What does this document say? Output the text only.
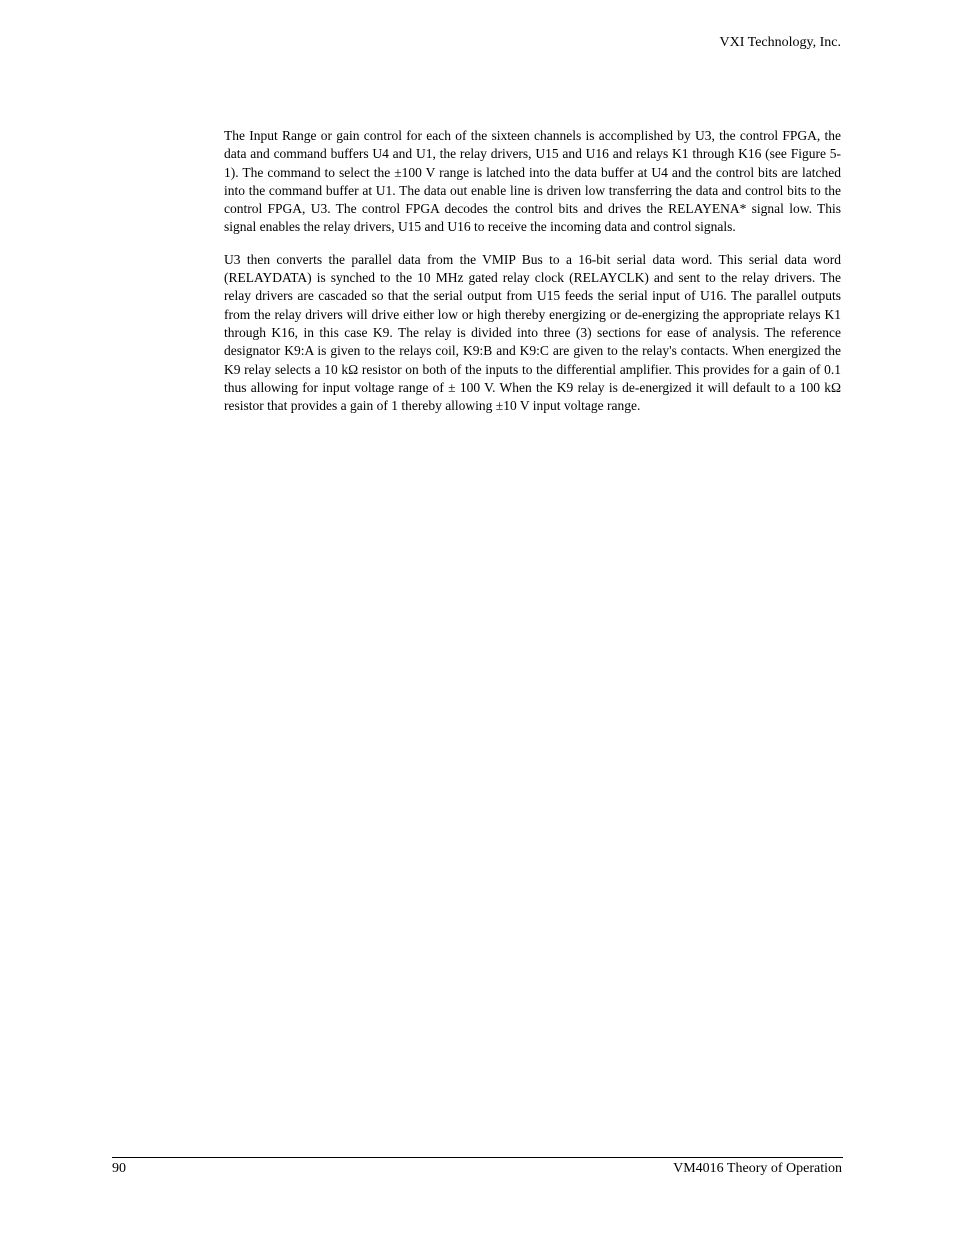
VXI Technology, Inc.

The Input Range or gain control for each of the sixteen channels is accomplished by U3, the control FPGA, the data and command buffers U4 and U1, the relay drivers, U15 and U16 and relays K1 through K16 (see Figure 5-1). The command to select the ±100 V range is latched into the data buffer at U4 and the control bits are latched into the command buffer at U1. The data out enable line is driven low transferring the data and control bits to the control FPGA, U3. The control FPGA decodes the control bits and drives the RELAYENA* signal low. This signal enables the relay drivers, U15 and U16 to receive the incoming data and control signals.

U3 then converts the parallel data from the VMIP Bus to a 16-bit serial data word. This serial data word (RELAYDATA) is synched to the 10 MHz gated relay clock (RELAYCLK) and sent to the relay drivers. The relay drivers are cascaded so that the serial output from U15 feeds the serial input of U16. The parallel outputs from the relay drivers will drive either low or high thereby energizing or de-energizing the appropriate relays K1 through K16, in this case K9. The relay is divided into three (3) sections for ease of analysis. The reference designator K9:A is given to the relays coil, K9:B and K9:C are given to the relay's contacts. When energized the K9 relay selects a 10 kΩ resistor on both of the inputs to the differential amplifier. This provides for a gain of 0.1 thus allowing for input voltage range of ± 100 V. When the K9 relay is de-energized it will default to a 100 kΩ resistor that provides a gain of 1 thereby allowing ±10 V input voltage range.

90	VM4016 Theory of Operation
